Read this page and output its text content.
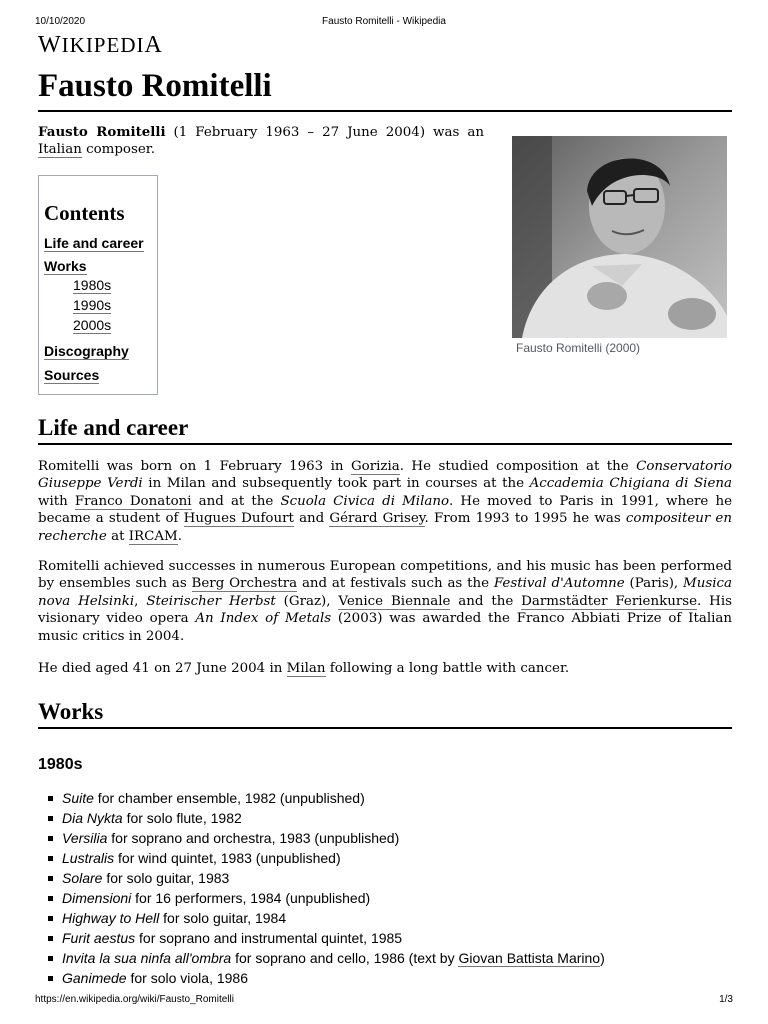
10/10/2020	Fausto Romitelli - Wikipedia
WIKIPEDIA
Fausto Romitelli
Fausto Romitelli (1 February 1963 – 27 June 2004) was an Italian composer.
Contents
Life and career
Works
1980s
1990s
2000s
Discography
Sources
Fausto Romitelli (2000)
Life and career
Romitelli was born on 1 February 1963 in Gorizia. He studied composition at the Conservatorio Giuseppe Verdi in Milan and subsequently took part in courses at the Accademia Chigiana di Siena with Franco Donatoni and at the Scuola Civica di Milano. He moved to Paris in 1991, where he became a student of Hugues Dufourt and Gérard Grisey. From 1993 to 1995 he was compositeur en recherche at IRCAM.
Romitelli achieved successes in numerous European competitions, and his music has been performed by ensembles such as Berg Orchestra and at festivals such as the Festival d'Automne (Paris), Musica nova Helsinki, Steirischer Herbst (Graz), Venice Biennale and the Darmstädter Ferienkurse. His visionary video opera An Index of Metals (2003) was awarded the Franco Abbiati Prize of Italian music critics in 2004.
He died aged 41 on 27 June 2004 in Milan following a long battle with cancer.
Works
1980s
Suite for chamber ensemble, 1982 (unpublished)
Dia Nykta for solo flute, 1982
Versilia for soprano and orchestra, 1983 (unpublished)
Lustralis for wind quintet, 1983 (unpublished)
Solare for solo guitar, 1983
Dimensioni for 16 performers, 1984 (unpublished)
Highway to Hell for solo guitar, 1984
Furit aestus for soprano and instrumental quintet, 1985
Invita la sua ninfa all'ombra for soprano and cello, 1986 (text by Giovan Battista Marino)
Ganimede for solo viola, 1986
https://en.wikipedia.org/wiki/Fausto_Romitelli	1/3
